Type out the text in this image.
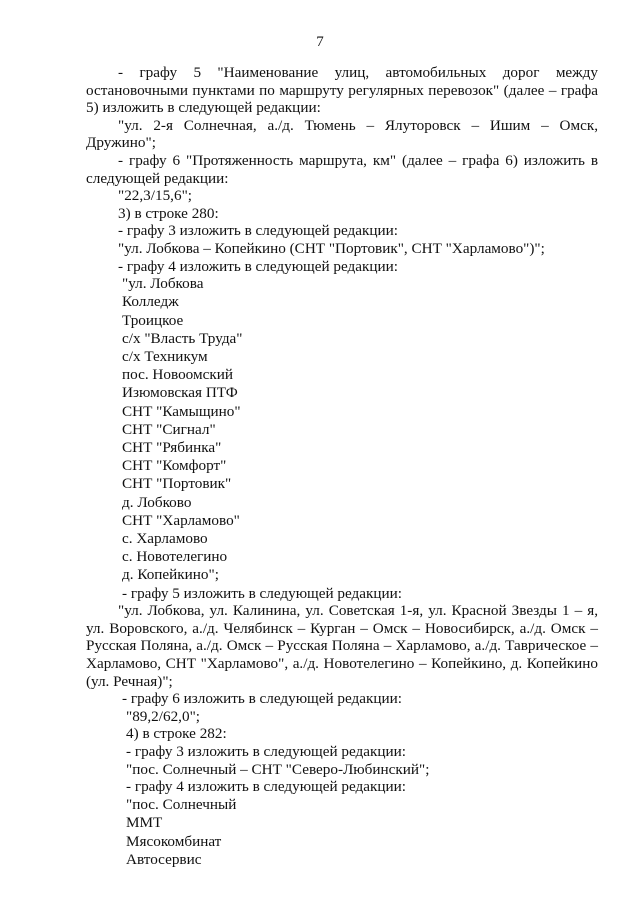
7

- графу 5 "Наименование улиц, автомобильных дорог между остановочными пунктами по маршруту регулярных перевозок" (далее – графа 5) изложить в следующей редакции:

"ул. 2-я Солнечная, а./д. Тюмень – Ялуторовск – Ишим – Омск, Дружино";

- графу 6 "Протяженность маршрута, км" (далее – графа 6) изложить в следующей редакции:

"22,3/15,6";

3) в строке 280:

- графу 3 изложить в следующей редакции:

"ул. Лобкова – Копейкино (СНТ "Портовик", СНТ "Харламово")";

- графу 4 изложить в следующей редакции:

"ул. Лобкова

Колледж

Троицкое

с/х "Власть Труда"

с/х Техникум

пос. Новоомский

Изюмовская ПТФ

СНТ "Камыщино"

СНТ "Сигнал"

СНТ "Рябинка"

СНТ "Комфорт"

СНТ "Портовик"

д. Лобково

СНТ "Харламово"

с. Харламово

с. Новотелегино

д. Копейкино";

- графу 5 изложить в следующей редакции:

"ул. Лобкова, ул. Калинина, ул. Советская 1-я, ул. Красной Звезды 1 – я, ул. Воровского, а./д. Челябинск – Курган – Омск – Новосибирск, а./д. Омск – Русская Поляна, а./д. Омск – Русская Поляна – Харламово, а./д. Таврическое – Харламово, СНТ "Харламово", а./д. Новотелегино – Копейкино, д. Копейкино (ул. Речная)";

- графу 6 изложить в следующей редакции:

"89,2/62,0";

4) в строке 282:

- графу 3 изложить в следующей редакции:

"пос. Солнечный – СНТ "Северо-Любинский";

- графу 4 изложить в следующей редакции:

"пос. Солнечный

ММТ

Мясокомбинат

Автосервис
